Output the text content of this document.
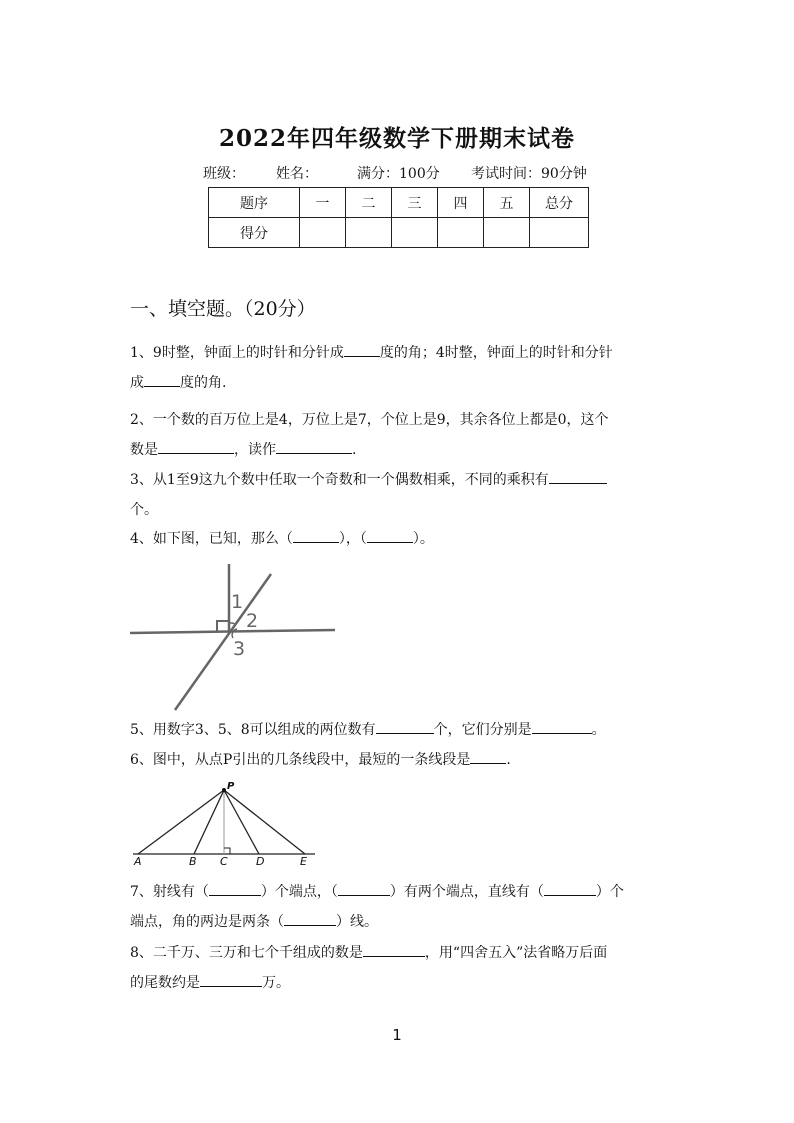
2022年四年级数学下册期末试卷
班级： 姓名：	满分：100分 考试时间：90分钟
题序	一	二	三	四	五	总分
得分						
一、填空题。（20分）

1、9时整，钟面上的时针和分针成	度的角；4时整，钟面上的时针和分针

成	度的角.

2、一个数的百万位上是4，万位上是7，个位上是9，其余各位上都是0，这个

数是	，读作	.

3、从1至9这九个数中任取一个奇数和一个偶数相乘，不同的乘积有

个。

4、如下图，已知，那么（	），（	）。

1
2
3

5、用数字3、5、8可以组成的两位数有	个，它们分别是	。

6、图中，从点P引出的几条线段中，最短的一条线段是	.

P
A	B C	D	E

7、射线有（	）个端点，（	）有两个端点，直线有（	）个

端点，角的两边是两条（	）线。

8、二千万、三万和七个千组成的数是	，用“四舍五入”法省略万后面

的尾数约是	万。

1
